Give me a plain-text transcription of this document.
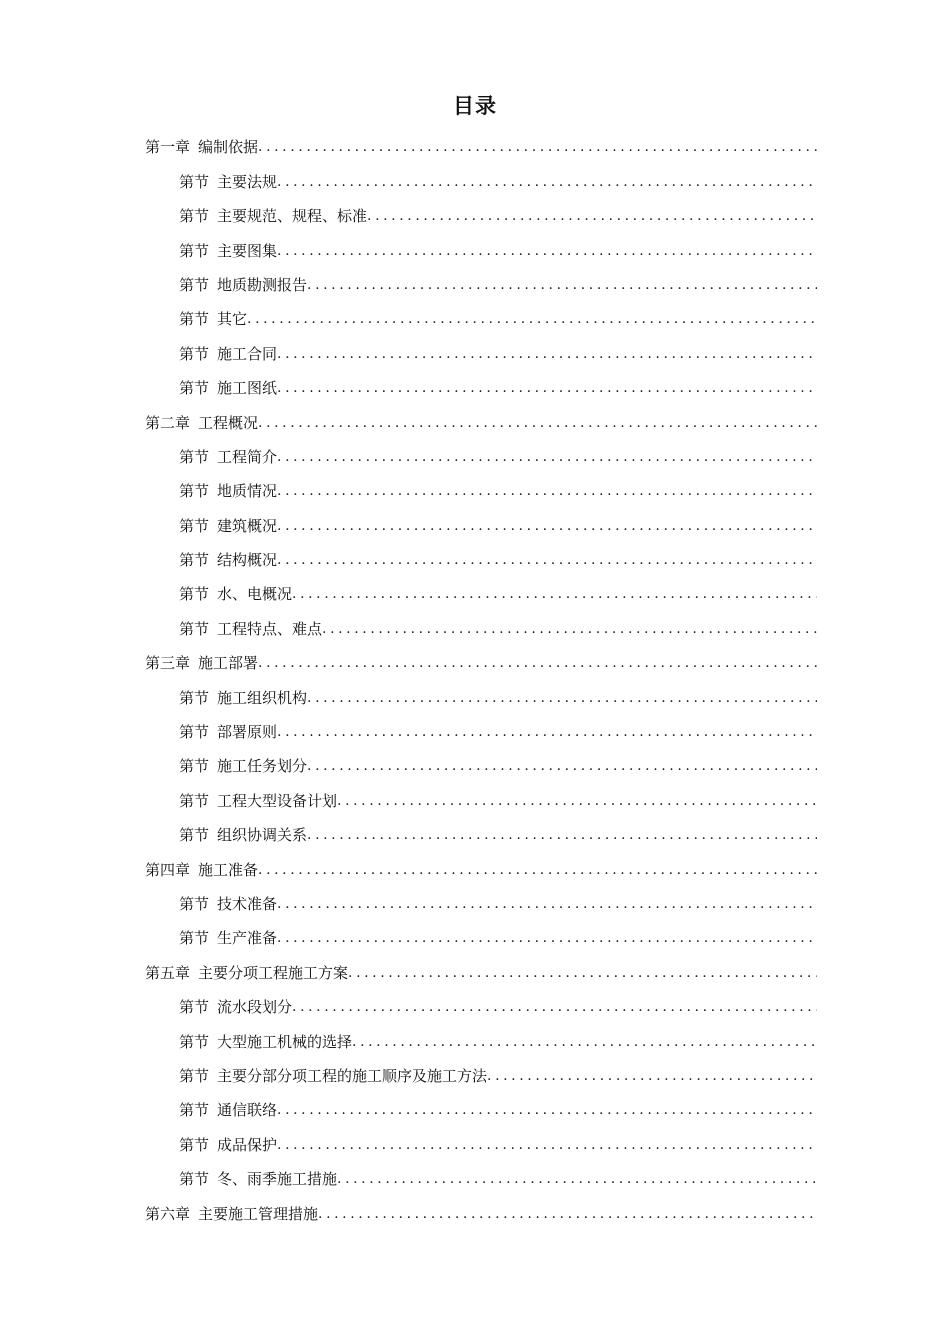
目录
第一章 编制依据
.....
第节 主要法规
.....
第节 主要规范、规程、标准
.....
第节 主要图集
.....
第节 地质勘测报告
.....
第节 其它
.....
第节 施工合同
.....
第节 施工图纸
.....
第二章 工程概况
.....
第节 工程简介
.....
第节 地质情况
.....
第节 建筑概况
.....
第节 结构概况
.....
第节 水、电概况
.....
第节 工程特点、难点
.....
第三章 施工部署
.....
第节 施工组织机构
.....
第节 部署原则
.....
第节 施工任务划分
.....
第节 工程大型设备计划
.....
第节 组织协调关系
.....
第四章 施工准备
.....
第节 技术准备
.....
第节 生产准备
.....
第五章 主要分项工程施工方案
.....
第节 流水段划分
.....
第节 大型施工机械的选择
.....
第节 主要分部分项工程的施工顺序及施工方法
.....
第节 通信联络
.....
第节 成品保护
.....
第节 冬、雨季施工措施
.....
第六章 主要施工管理措施
.....
